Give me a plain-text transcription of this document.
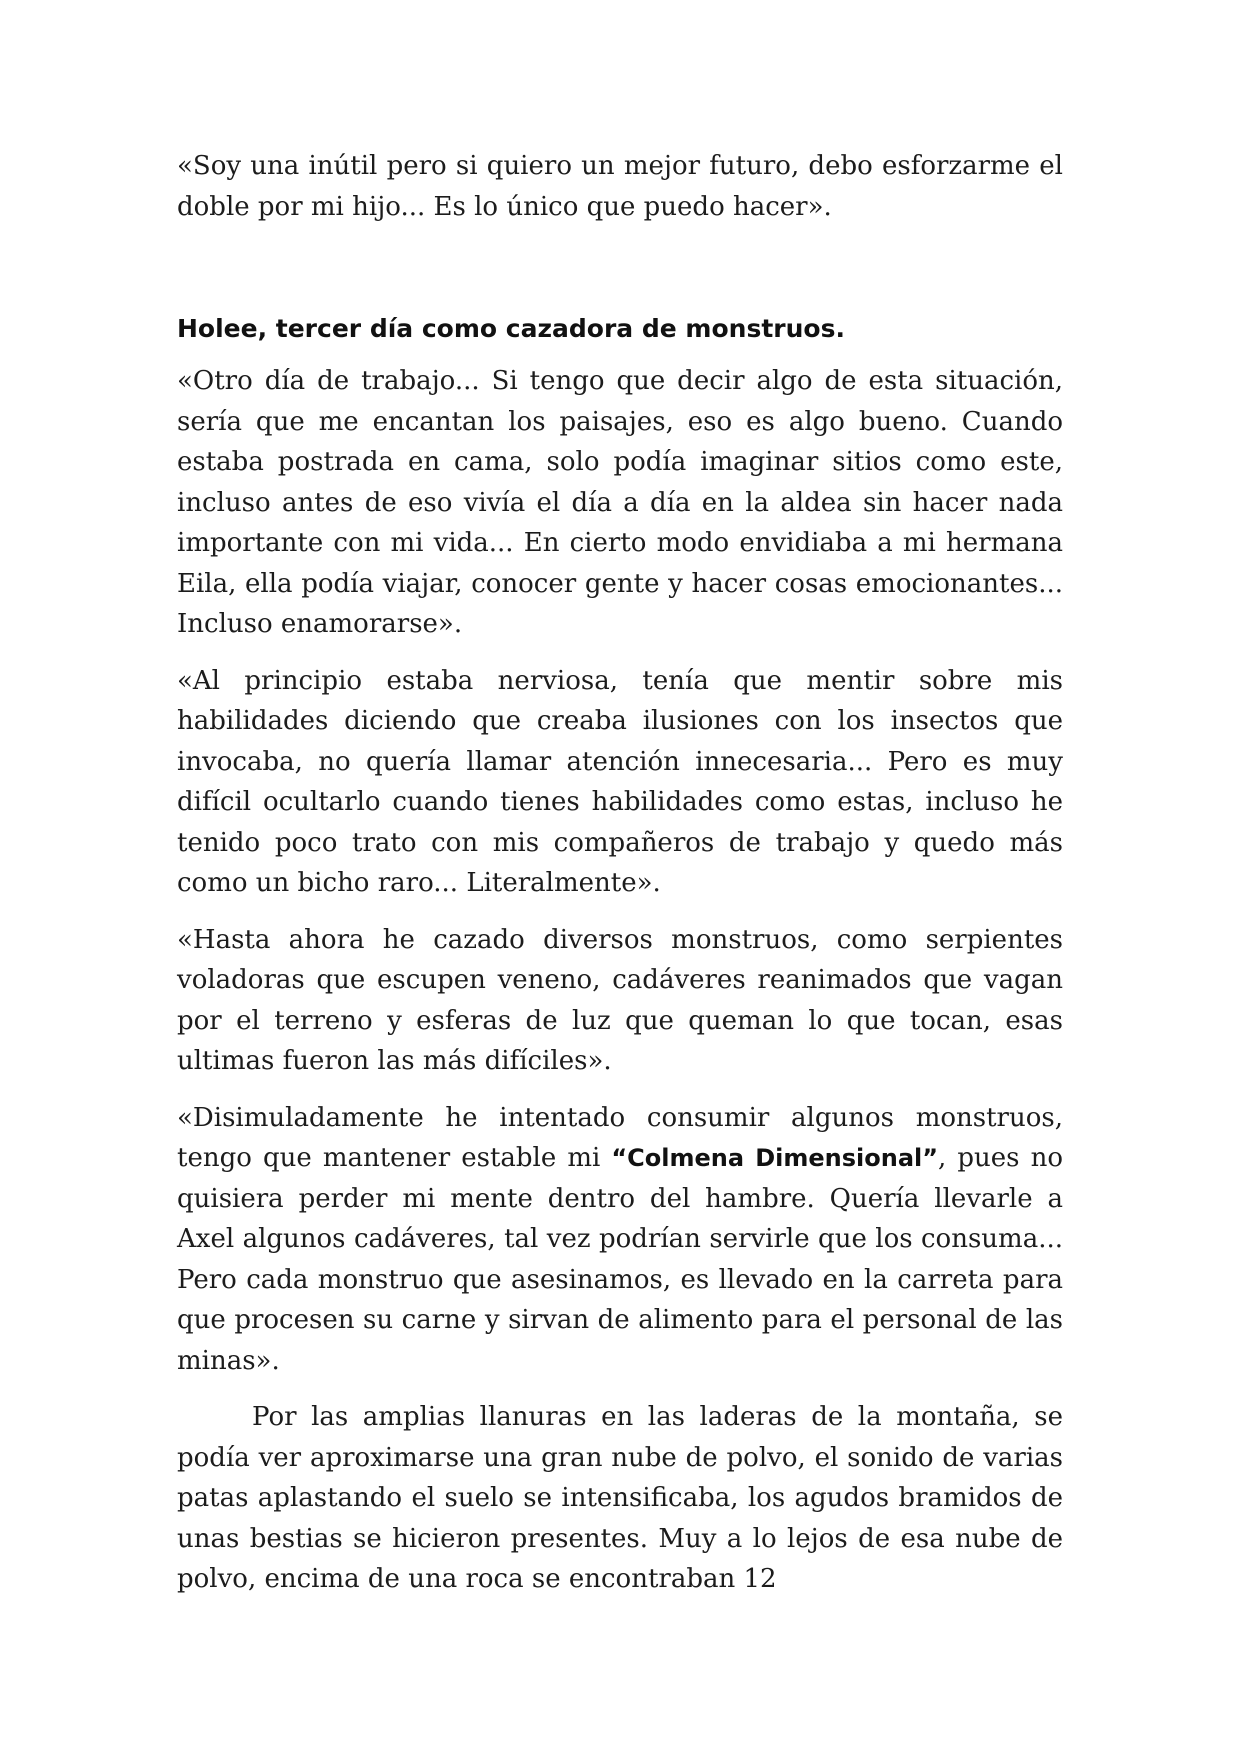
«Soy una inútil pero si quiero un mejor futuro, debo esforzarme el doble por mi hijo... Es lo único que puedo hacer».

Holee, tercer día como cazadora de monstruos.

«Otro día de trabajo... Si tengo que decir algo de esta situación, sería que me encantan los paisajes, eso es algo bueno. Cuando estaba postrada en cama, solo podía imaginar sitios como este, incluso antes de eso vivía el día a día en la aldea sin hacer nada importante con mi vida... En cierto modo envidiaba a mi hermana Eila, ella podía viajar, conocer gente y hacer cosas emocionantes... Incluso enamorarse».

«Al principio estaba nerviosa, tenía que mentir sobre mis habilidades diciendo que creaba ilusiones con los insectos que invocaba, no quería llamar atención innecesaria... Pero es muy difícil ocultarlo cuando tienes habilidades como estas, incluso he tenido poco trato con mis compañeros de trabajo y quedo más como un bicho raro... Literalmente».

«Hasta ahora he cazado diversos monstruos, como serpientes voladoras que escupen veneno, cadáveres reanimados que vagan por el terreno y esferas de luz que queman lo que tocan, esas ultimas fueron las más difíciles».

«Disimuladamente he intentado consumir algunos monstruos, tengo que mantener estable mi “Colmena Dimensional”, pues no quisiera perder mi mente dentro del hambre. Quería llevarle a Axel algunos cadáveres, tal vez podrían servirle que los consuma... Pero cada monstruo que asesinamos, es llevado en la carreta para que procesen su carne y sirvan de alimento para el personal de las minas».

Por las amplias llanuras en las laderas de la montaña, se podía ver aproximarse una gran nube de polvo, el sonido de varias patas aplastando el suelo se intensificaba, los agudos bramidos de unas bestias se hicieron presentes. Muy a lo lejos de esa nube de polvo, encima de una roca se encontraban 12
